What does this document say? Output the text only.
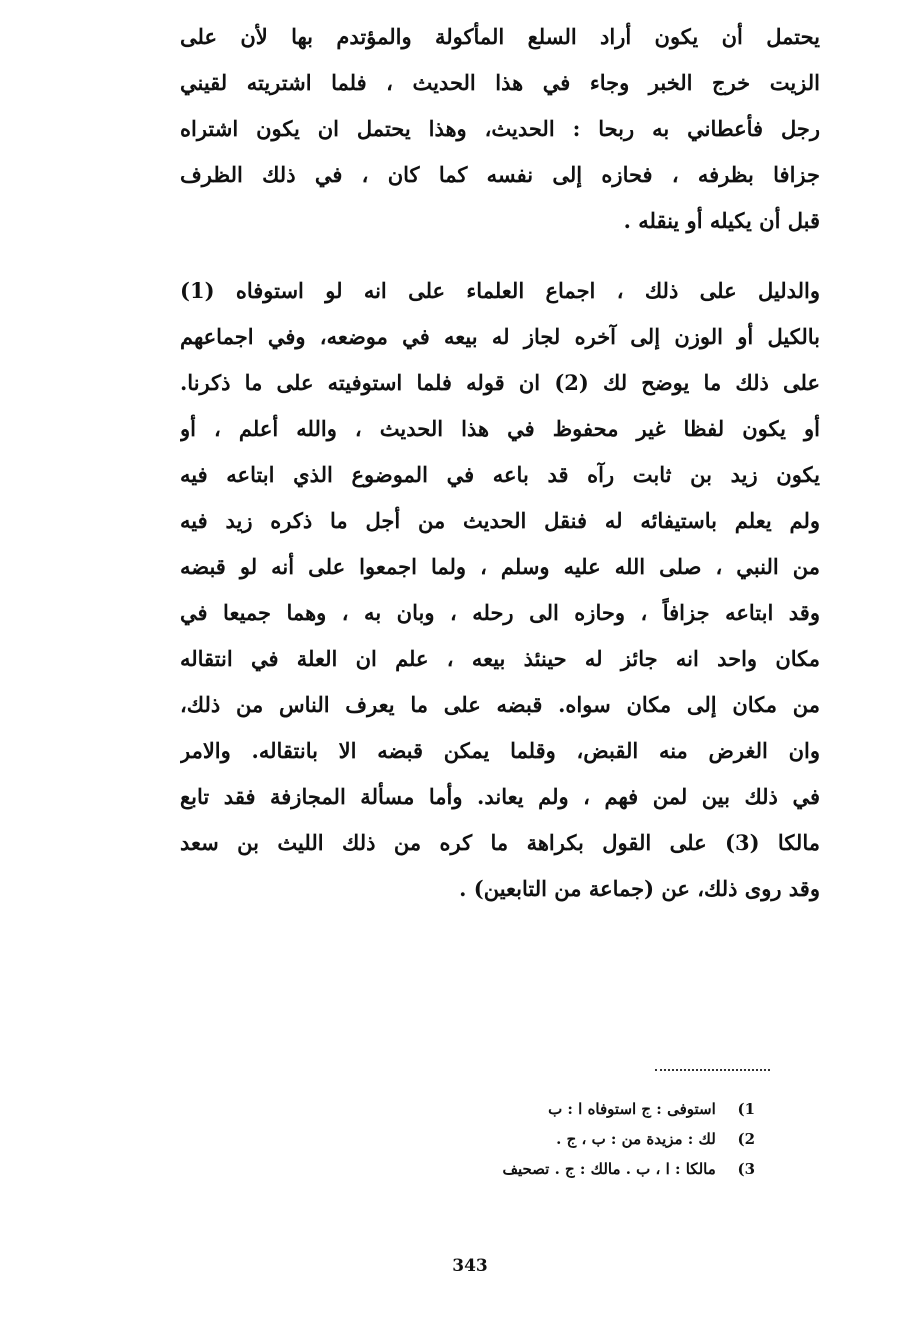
يحتمل أن يكون أراد السلع المأكولة والمؤتدم بها لأن على
الزيت خرج الخبر وجاء في هذا الحديث ، فلما اشتريته لقيني
رجل فأعطاني به ربحا : الحديث، وهذا يحتمل ان يكون اشتراه
جزافا بظرفه ، فحازه إلى نفسه كما كان ، في ذلك الظرف
قبل أن يكيله أو ينقله .
والدليل على ذلك ، اجماع العلماء على انه لو استوفاه (1)
بالكيل أو الوزن إلى آخره لجاز له بيعه في موضعه، وفي اجماعهم
على ذلك ما يوضح لك (2) ان قوله فلما استوفيته على ما ذكرنا.
أو يكون لفظا غير محفوظ في هذا الحديث ، والله أعلم ، أو
يكون زيد بن ثابت رآه قد باعه في الموضوع الذي ابتاعه فيه
ولم يعلم باستيفائه له فنقل الحديث من أجل ما ذكره زيد فيه
من النبي ، صلى الله عليه وسلم ، ولما اجمعوا على أنه لو قبضه
وقد ابتاعه جزافاً ، وحازه الى رحله ، وبان به ، وهما جميعا في
مكان واحد انه جائز له حينئذ بيعه ، علم ان العلة في انتقاله
من مكان إلى مكان سواه. قبضه على ما يعرف الناس من ذلك،
وان الغرض منه القبض، وقلما يمكن قبضه الا بانتقاله. والامر
في ذلك بين لمن فهم ، ولم يعاند. وأما مسألة المجازفة فقد تابع
مالكا (3) على القول بكراهة ما كره من ذلك الليث بن سعد
وقد روى ذلك، عن (جماعة من التابعين) .
1) استوفى : ج استوفاه ا : ب
2) لك : مزيدة من : ب ، ج .
3) مالكا : ا ، ب . مالك : ج . تصحيف
343
